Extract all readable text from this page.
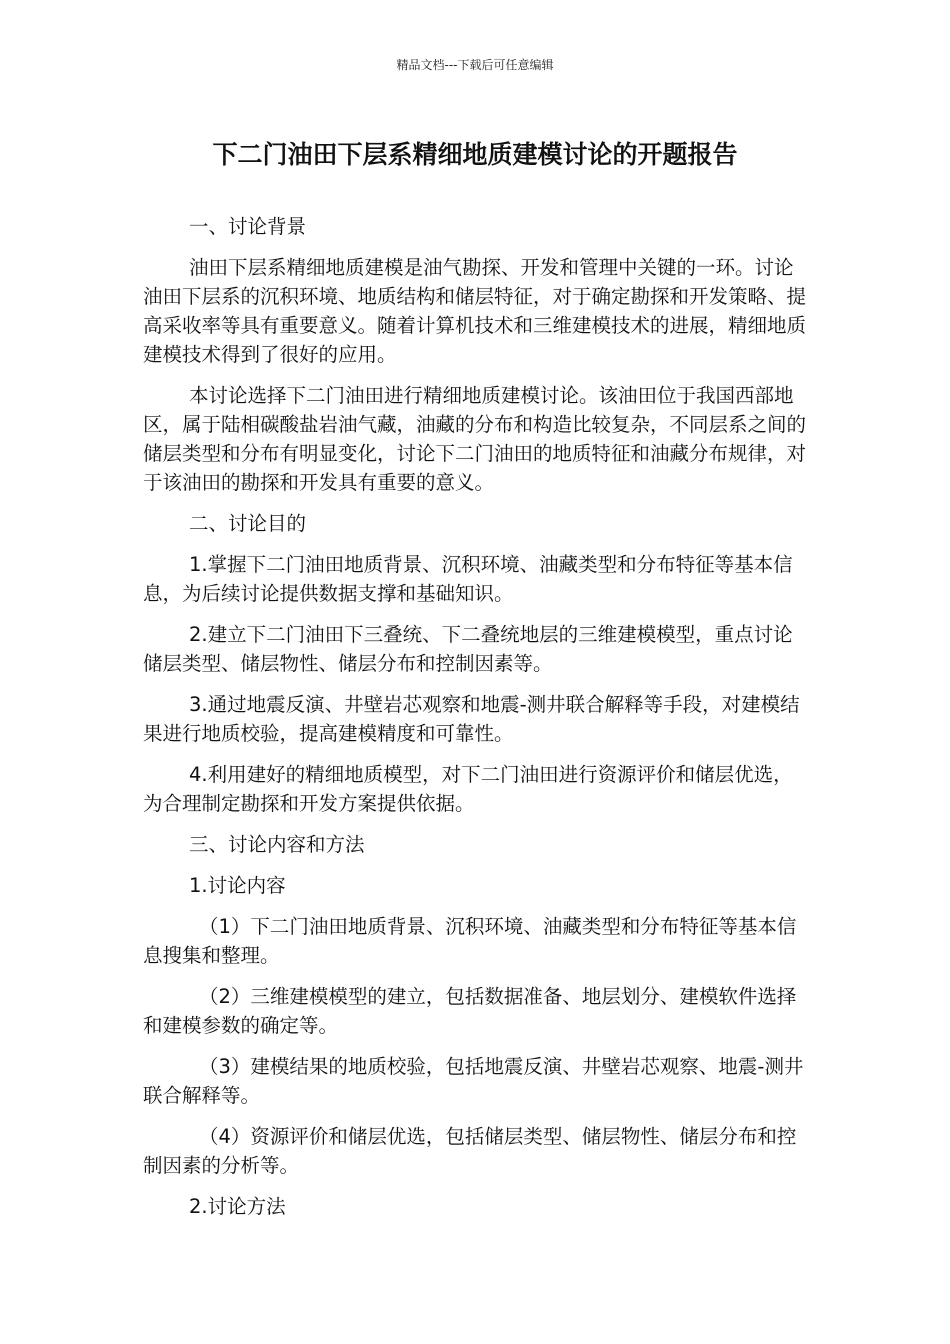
精品文档---下载后可任意编辑
下二门油田下层系精细地质建模讨论的开题报告

一、讨论背景

油田下层系精细地质建模是油气勘探、开发和管理中关键的一环。讨论油田下层系的沉积环境、地质结构和储层特征，对于确定勘探和开发策略、提高采收率等具有重要意义。随着计算机技术和三维建模技术的进展，精细地质建模技术得到了很好的应用。

本讨论选择下二门油田进行精细地质建模讨论。该油田位于我国西部地区，属于陆相碳酸盐岩油气藏，油藏的分布和构造比较复杂，不同层系之间的储层类型和分布有明显变化，讨论下二门油田的地质特征和油藏分布规律，对于该油田的勘探和开发具有重要的意义。

二、讨论目的

1.掌握下二门油田地质背景、沉积环境、油藏类型和分布特征等基本信息，为后续讨论提供数据支撑和基础知识。

2.建立下二门油田下三叠统、下二叠统地层的三维建模模型，重点讨论储层类型、储层物性、储层分布和控制因素等。

3.通过地震反演、井壁岩芯观察和地震-测井联合解释等手段，对建模结果进行地质校验，提高建模精度和可靠性。

4.利用建好的精细地质模型，对下二门油田进行资源评价和储层优选，为合理制定勘探和开发方案提供依据。

三、讨论内容和方法

1.讨论内容

（1）下二门油田地质背景、沉积环境、油藏类型和分布特征等基本信息搜集和整理。

（2）三维建模模型的建立，包括数据准备、地层划分、建模软件选择和建模参数的确定等。

（3）建模结果的地质校验，包括地震反演、井壁岩芯观察、地震-测井联合解释等。

（4）资源评价和储层优选，包括储层类型、储层物性、储层分布和控制因素的分析等。

2.讨论方法
